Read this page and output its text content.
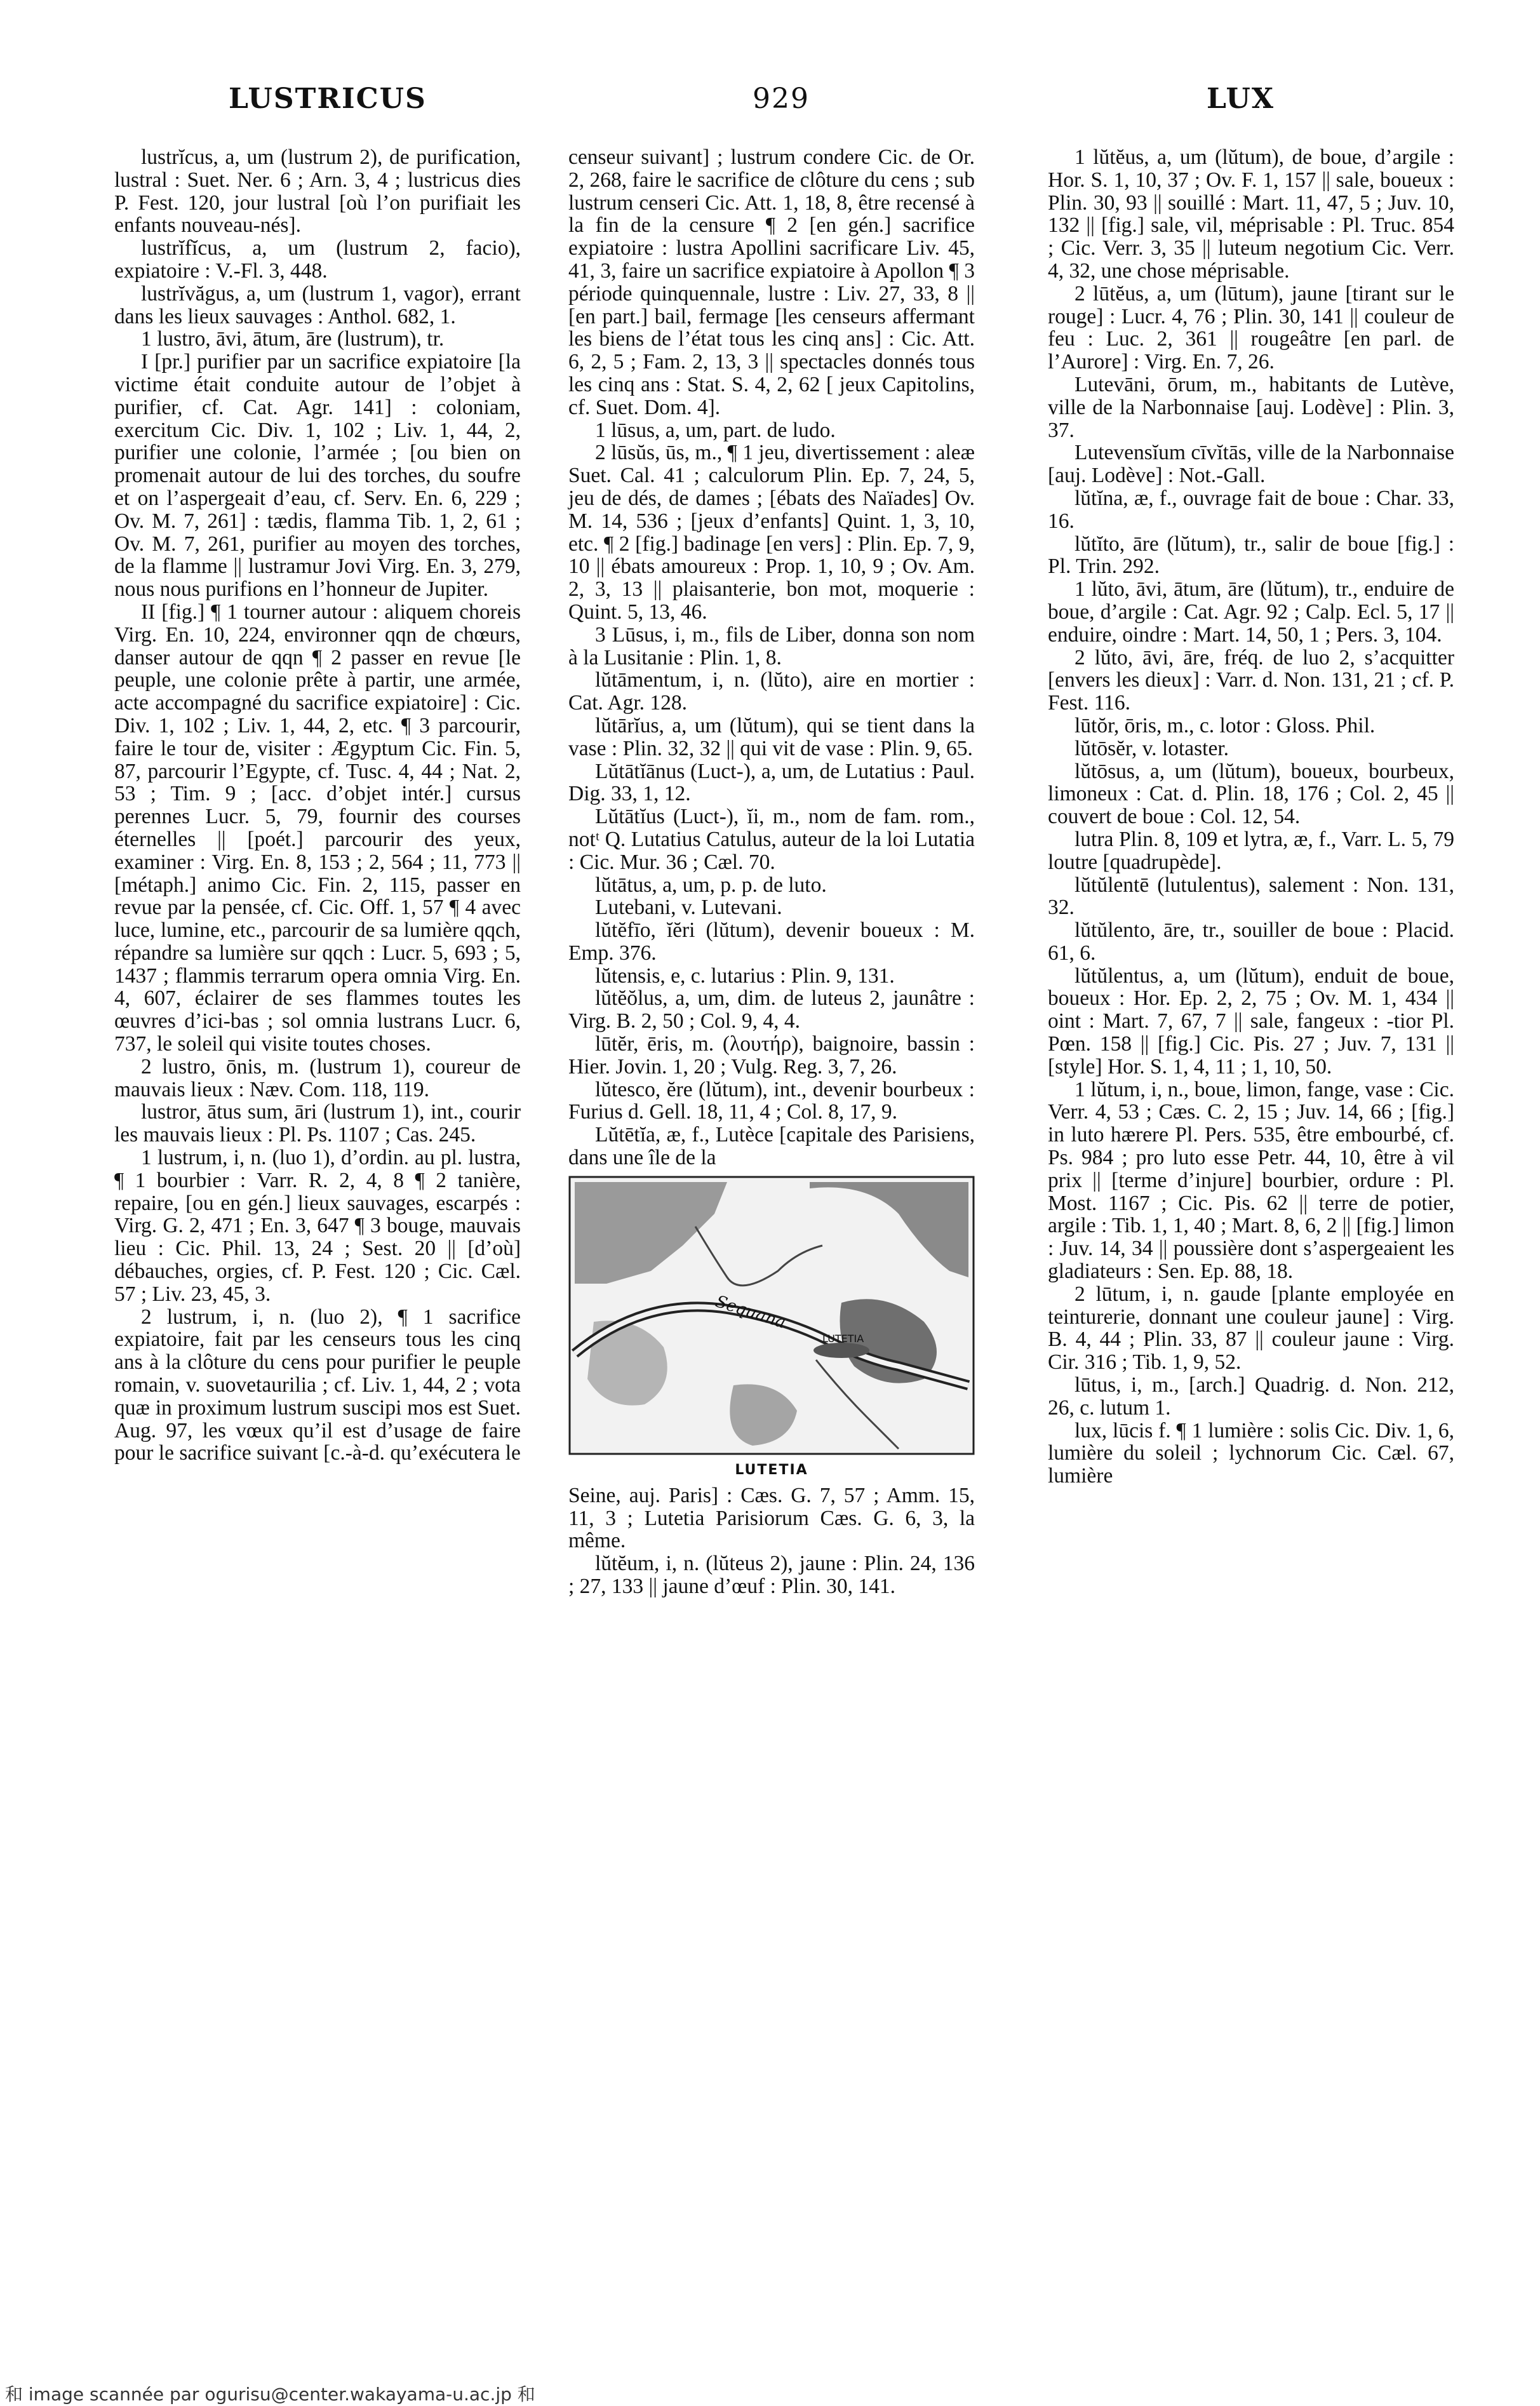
LUSTRICUS	929	LUX

lustrĭcus, a, um (lustrum 2), de purification, lustral : Suet. Ner. 6 ; Arn. 3, 4 ; lustricus dies P. Fest. 120, jour lustral [où l’on purifiait les enfants nouveau-nés].

lustrĭfĭcus, a, um (lustrum 2, facio), expiatoire : V.-Fl. 3, 448.

lustrĭvăgus, a, um (lustrum 1, vagor), errant dans les lieux sauvages : Anthol. 682, 1.

1 lustro, āvi, ātum, āre (lustrum), tr.

I [pr.] purifier par un sacrifice expiatoire [la victime était conduite autour de l’objet à purifier, cf. Cat. Agr. 141] : coloniam, exercitum Cic. Div. 1, 102 ; Liv. 1, 44, 2, purifier une colonie, l’armée ; [ou bien on promenait autour de lui des torches, du soufre et on l’aspergeait d’eau, cf. Serv. En. 6, 229 ; Ov. M. 7, 261] : tædis, flamma Tib. 1, 2, 61 ; Ov. M. 7, 261, purifier au moyen des torches, de la flamme || lustramur Jovi Virg. En. 3, 279, nous nous purifions en l’honneur de Jupiter.

II [fig.] ¶ 1 tourner autour : aliquem choreis Virg. En. 10, 224, environner qqn de chœurs, danser autour de qqn ¶ 2 passer en revue [le peuple, une colonie prête à partir, une armée, acte accompagné du sacrifice expiatoire] : Cic. Div. 1, 102 ; Liv. 1, 44, 2, etc. ¶ 3 parcourir, faire le tour de, visiter : Ægyptum Cic. Fin. 5, 87, parcourir l’Egypte, cf. Tusc. 4, 44 ; Nat. 2, 53 ; Tim. 9 ; [acc. d’objet intér.] cursus perennes Lucr. 5, 79, fournir des courses éternelles || [poét.] parcourir des yeux, examiner : Virg. En. 8, 153 ; 2, 564 ; 11, 773 || [métaph.] animo Cic. Fin. 2, 115, passer en revue par la pensée, cf. Cic. Off. 1, 57 ¶ 4 avec luce, lumine, etc., parcourir de sa lumière qqch, répandre sa lumière sur qqch : Lucr. 5, 693 ; 5, 1437 ; flammis terrarum opera omnia Virg. En. 4, 607, éclairer de ses flammes toutes les œuvres d’ici-bas ; sol omnia lustrans Lucr. 6, 737, le soleil qui visite toutes choses.

2 lustro, ōnis, m. (lustrum 1), coureur de mauvais lieux : Næv. Com. 118, 119.

lustror, ātus sum, āri (lustrum 1), int., courir les mauvais lieux : Pl. Ps. 1107 ; Cas. 245.

1 lustrum, i, n. (luo 1), d’ordin. au pl. lustra, ¶ 1 bourbier : Varr. R. 2, 4, 8 ¶ 2 tanière, repaire, [ou en gén.] lieux sauvages, escarpés : Virg. G. 2, 471 ; En. 3, 647 ¶ 3 bouge, mauvais lieu : Cic. Phil. 13, 24 ; Sest. 20 || [d’où] débauches, orgies, cf. P. Fest. 120 ; Cic. Cæl. 57 ; Liv. 23, 45, 3.

2 lustrum, i, n. (luo 2), ¶ 1 sacrifice expiatoire, fait par les censeurs tous les cinq ans à la clôture du cens pour purifier le peuple romain, v. suovetaurilia ; cf. Liv. 1, 44, 2 ; vota quæ in proximum lustrum suscipi mos est Suet. Aug. 97, les vœux qu’il est d’usage de faire pour le sacrifice suivant [c.-à-d. qu’exécutera le

censeur suivant] ; lustrum condere Cic. de Or. 2, 268, faire le sacrifice de clôture du cens ; sub lustrum censeri Cic. Att. 1, 18, 8, être recensé à la fin de la censure ¶ 2 [en gén.] sacrifice expiatoire : lustra Apollini sacrificare Liv. 45, 41, 3, faire un sacrifice expiatoire à Apollon ¶ 3 période quinquennale, lustre : Liv. 27, 33, 8 || [en part.] bail, fermage [les censeurs affermant les biens de l’état tous les cinq ans] : Cic. Att. 6, 2, 5 ; Fam. 2, 13, 3 || spectacles donnés tous les cinq ans : Stat. S. 4, 2, 62 [ jeux Capitolins, cf. Suet. Dom. 4].

1 lūsus, a, um, part. de ludo.

2 lūsŭs, ūs, m., ¶ 1 jeu, divertissement : aleæ Suet. Cal. 41 ; calculorum Plin. Ep. 7, 24, 5, jeu de dés, de dames ; [ébats des Naïades] Ov. M. 14, 536 ; [jeux d’enfants] Quint. 1, 3, 10, etc. ¶ 2 [fig.] badinage [en vers] : Plin. Ep. 7, 9, 10 || ébats amoureux : Prop. 1, 10, 9 ; Ov. Am. 2, 3, 13 || plaisanterie, bon mot, moquerie : Quint. 5, 13, 46.

3 Lūsus, i, m., fils de Liber, donna son nom à la Lusitanie : Plin. 1, 8.

lŭtāmentum, i, n. (lŭto), aire en mortier : Cat. Agr. 128.

lŭtārĭus, a, um (lŭtum), qui se tient dans la vase : Plin. 32, 32 || qui vit de vase : Plin. 9, 65.

Lŭtātĭānus (Luct-), a, um, de Lutatius : Paul. Dig. 33, 1, 12.

Lŭtātĭus (Luct-), ĭi, m., nom de fam. rom., notᵗ Q. Lutatius Catulus, auteur de la loi Lutatia : Cic. Mur. 36 ; Cæl. 70.

lŭtātus, a, um, p. p. de luto.

Lutebani, v. Lutevani.

lŭtĕfīo, ĭĕri (lŭtum), devenir boueux : M. Emp. 376.

lŭtensis, e, c. lutarius : Plin. 9, 131.

lŭtĕŏlus, a, um, dim. de luteus 2, jaunâtre : Virg. B. 2, 50 ; Col. 9, 4, 4.

lūtĕr, ēris, m. (λουτήρ), baignoire, bassin : Hier. Jovin. 1, 20 ; Vulg. Reg. 3, 7, 26.

lŭtesco, ĕre (lŭtum), int., devenir bourbeux : Furius d. Gell. 18, 11, 4 ; Col. 8, 17, 9.

Lŭtētĭa, æ, f., Lutèce [capitale des Parisiens, dans une île de la

Sequana
LUTETIA
LUTETIA

Seine, auj. Paris] : Cæs. G. 7, 57 ; Amm. 15, 11, 3 ; Lutetia Parisiorum Cæs. G. 6, 3, la même.

lŭtĕum, i, n. (lŭteus 2), jaune : Plin. 24, 136 ; 27, 133 || jaune d’œuf : Plin. 30, 141.

1 lŭtĕus, a, um (lŭtum), de boue, d’argile : Hor. S. 1, 10, 37 ; Ov. F. 1, 157 || sale, boueux : Plin. 30, 93 || souillé : Mart. 11, 47, 5 ; Juv. 10, 132 || [fig.] sale, vil, méprisable : Pl. Truc. 854 ; Cic. Verr. 3, 35 || luteum negotium Cic. Verr. 4, 32, une chose méprisable.

2 lūtĕus, a, um (lūtum), jaune [tirant sur le rouge] : Lucr. 4, 76 ; Plin. 30, 141 || couleur de feu : Luc. 2, 361 || rougeâtre [en parl. de l’Aurore] : Virg. En. 7, 26.

Lutevāni, ōrum, m., habitants de Lutève, ville de la Narbonnaise [auj. Lodève] : Plin. 3, 37.

Lutevensĭum cīvĭtās, ville de la Narbonnaise [auj. Lodève] : Not.-Gall.

lŭtĭna, æ, f., ouvrage fait de boue : Char. 33, 16.

lŭtĭto, āre (lŭtum), tr., salir de boue [fig.] : Pl. Trin. 292.

1 lŭto, āvi, ātum, āre (lŭtum), tr., enduire de boue, d’argile : Cat. Agr. 92 ; Calp. Ecl. 5, 17 || enduire, oindre : Mart. 14, 50, 1 ; Pers. 3, 104.

2 lŭto, āvi, āre, fréq. de luo 2, s’acquitter [envers les dieux] : Varr. d. Non. 131, 21 ; cf. P. Fest. 116.

lūtŏr, ōris, m., c. lotor : Gloss. Phil.

lŭtōsĕr, v. lotaster.

lŭtōsus, a, um (lŭtum), boueux, bourbeux, limoneux : Cat. d. Plin. 18, 176 ; Col. 2, 45 || couvert de boue : Col. 12, 54.

lutra Plin. 8, 109 et lytra, æ, f., Varr. L. 5, 79 loutre [quadrupède].

lŭtŭlentē (lutulentus), salement : Non. 131, 32.

lŭtŭlento, āre, tr., souiller de boue : Placid. 61, 6.

lŭtŭlentus, a, um (lŭtum), enduit de boue, boueux : Hor. Ep. 2, 2, 75 ; Ov. M. 1, 434 || oint : Mart. 7, 67, 7 || sale, fangeux : -tior Pl. Pœn. 158 || [fig.] Cic. Pis. 27 ; Juv. 7, 131 || [style] Hor. S. 1, 4, 11 ; 1, 10, 50.

1 lŭtum, i, n., boue, limon, fange, vase : Cic. Verr. 4, 53 ; Cæs. C. 2, 15 ; Juv. 14, 66 ; [fig.] in luto hærere Pl. Pers. 535, être embourbé, cf. Ps. 984 ; pro luto esse Petr. 44, 10, être à vil prix || [terme d’injure] bourbier, ordure : Pl. Most. 1167 ; Cic. Pis. 62 || terre de potier, argile : Tib. 1, 1, 40 ; Mart. 8, 6, 2 || [fig.] limon : Juv. 14, 34 || poussière dont s’aspergeaient les gladiateurs : Sen. Ep. 88, 18.

2 lūtum, i, n. gaude [plante employée en teinturerie, donnant une couleur jaune] : Virg. B. 4, 44 ; Plin. 33, 87 || couleur jaune : Virg. Cir. 316 ; Tib. 1, 9, 52.

lūtus, i, m., [arch.] Quadrig. d. Non. 212, 26, c. lutum 1.

lux, lūcis f. ¶ 1 lumière : solis Cic. Div. 1, 6, lumière du soleil ; lychnorum Cic. Cæl. 67, lumière

和 image scannée par ogurisu@center.wakayama-u.ac.jp 和
